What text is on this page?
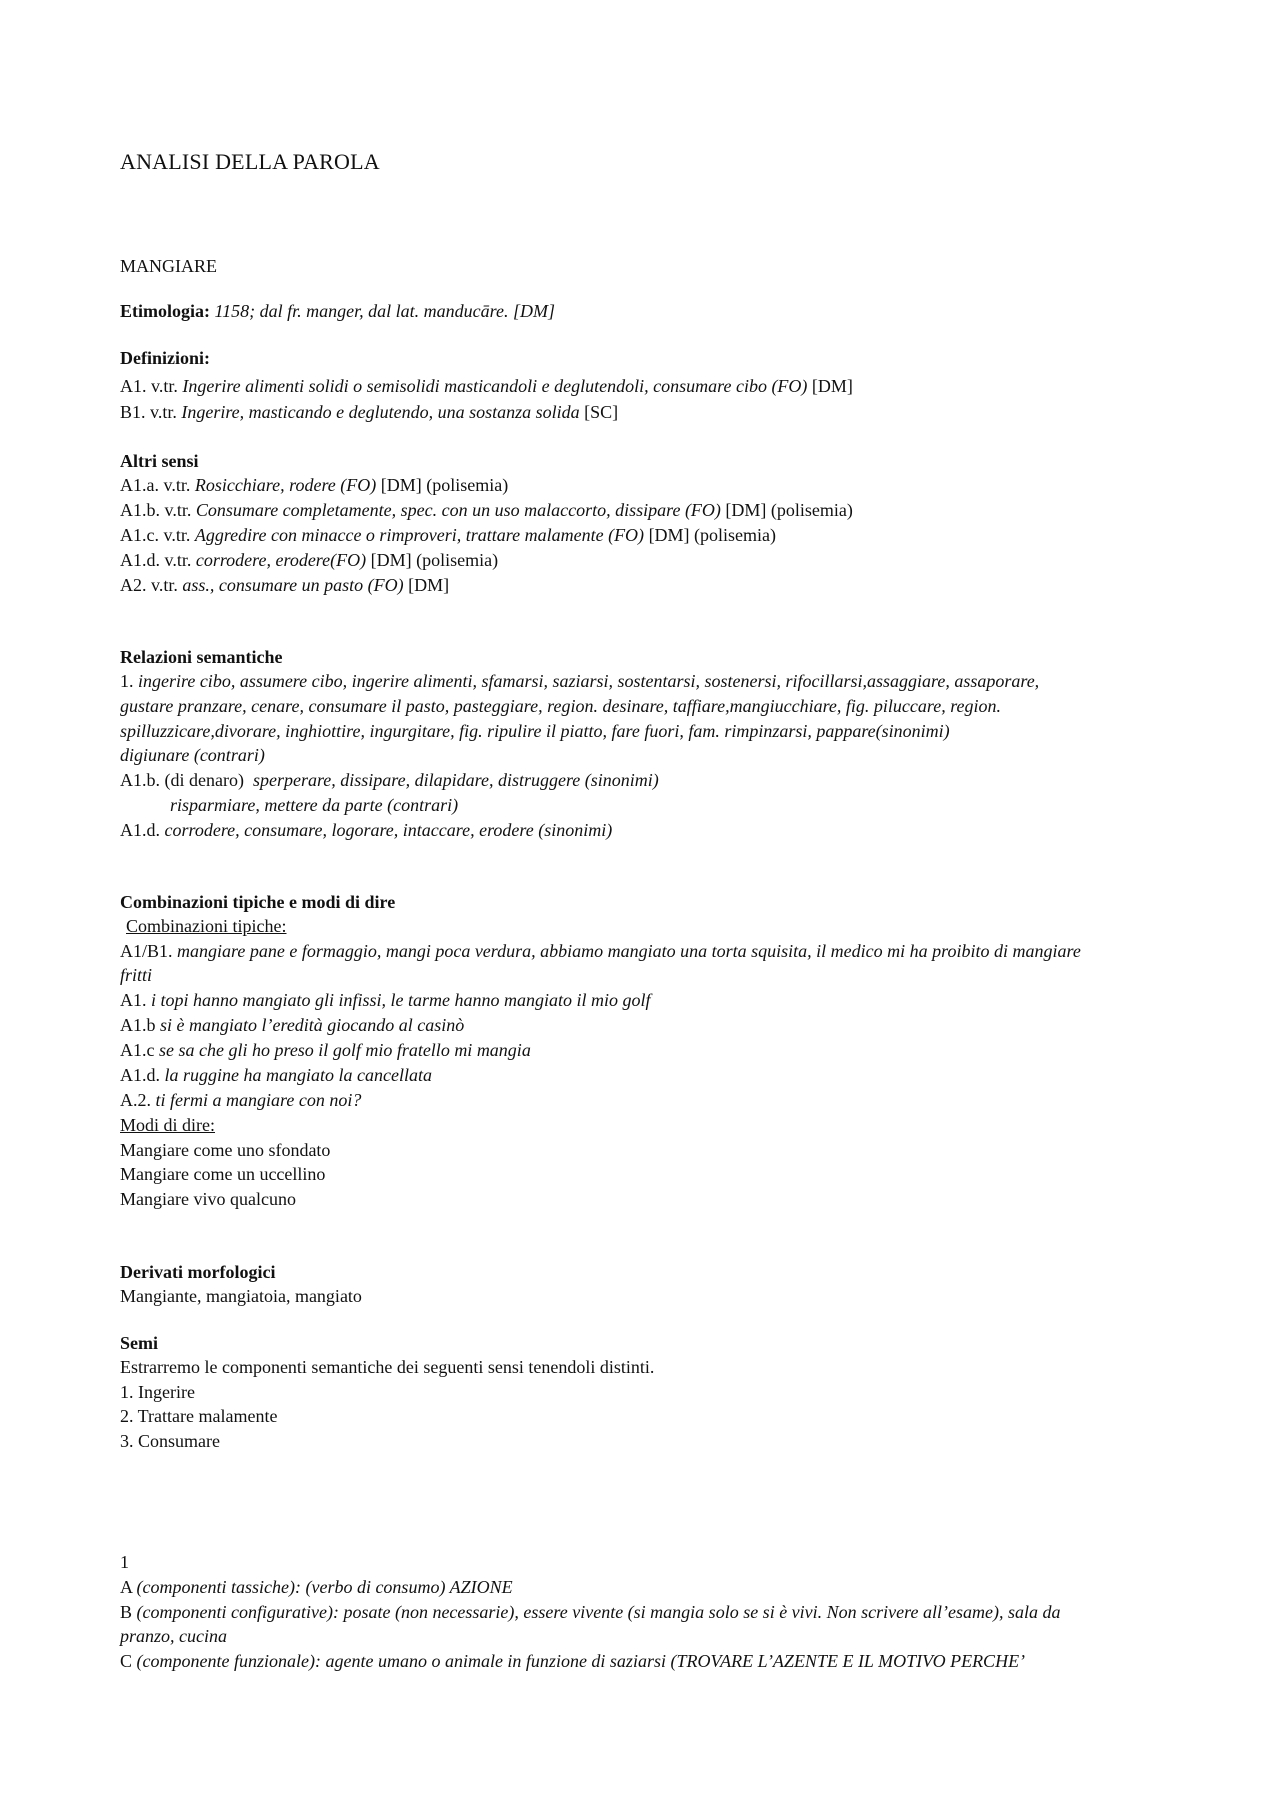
ANALISI DELLA PAROLA
MANGIARE
Etimologia: 1158; dal fr. manger, dal lat. manducāre. [DM]
Definizioni:
A1. v.tr. Ingerire alimenti solidi o semisolidi masticandoli e deglutendoli, consumare cibo (FO) [DM]
B1. v.tr. Ingerire, masticando e deglutendo, una sostanza solida [SC]
Altri sensi
A1.a. v.tr. Rosicchiare, rodere (FO) [DM] (polisemia)
A1.b. v.tr. Consumare completamente, spec. con un uso malaccorto, dissipare (FO) [DM] (polisemia)
A1.c. v.tr. Aggredire con minacce o rimproveri, trattare malamente (FO) [DM] (polisemia)
A1.d. v.tr. corrodere, erodere(FO) [DM] (polisemia)
A2. v.tr. ass., consumare un pasto (FO) [DM]
Relazioni semantiche
1. ingerire cibo, assumere cibo, ingerire alimenti, sfamarsi, saziarsi, sostentarsi, sostenersi, rifocillarsi,assaggiare, assaporare,
gustare pranzare, cenare, consumare il pasto, pasteggiare, region. desinare, taffiare,mangiucchiare, fig. piluccare, region.
spilluzzicare,divorare, inghiottire, ingurgitare, fig. ripulire il piatto, fare fuori, fam. rimpinzarsi, pappare(sinonimi)
digiunare (contrari)
A1.b. (di denaro) sperperare, dissipare, dilapidare, distruggere (sinonimi)
risparmiare, mettere da parte (contrari)
A1.d. corrodere, consumare, logorare, intaccare, erodere (sinonimi)
Combinazioni tipiche e modi di dire
Combinazioni tipiche:
A1/B1. mangiare pane e formaggio, mangi poca verdura, abbiamo mangiato una torta squisita, il medico mi ha proibito di mangiare
fritti
A1. i topi hanno mangiato gli infissi, le tarme hanno mangiato il mio golf
A1.b si è mangiato l’eredità giocando al casinò
A1.c se sa che gli ho preso il golf mio fratello mi mangia
A1.d. la ruggine ha mangiato la cancellata
A.2. ti fermi a mangiare con noi?
Modi di dire:
Mangiare come uno sfondato
Mangiare come un uccellino
Mangiare vivo qualcuno
Derivati morfologici
Mangiante, mangiatoia, mangiato
Semi
Estrarremo le componenti semantiche dei seguenti sensi tenendoli distinti.
1. Ingerire
2. Trattare malamente
3. Consumare
1
A (componenti tassiche): (verbo di consumo) AZIONE
B (componenti configurative): posate (non necessarie), essere vivente (si mangia solo se si è vivi. Non scrivere all’esame), sala da
pranzo, cucina
C (componente funzionale): agente umano o animale in funzione di saziarsi (TROVARE L’AZENTE E IL MOTIVO PERCHE’
